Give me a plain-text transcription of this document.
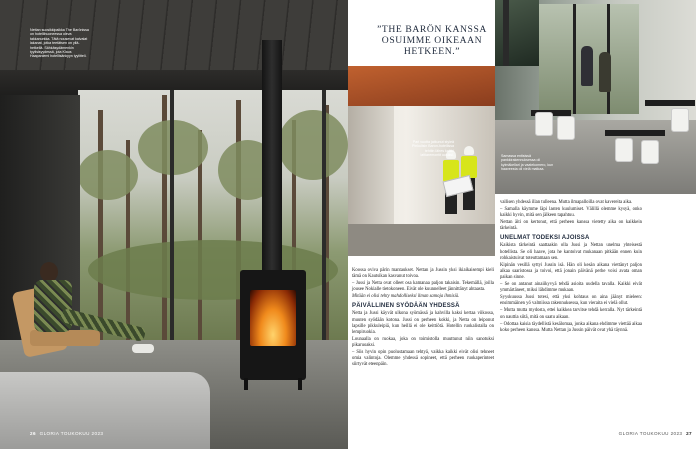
Nettan suosikkipaikka The Barönissa on hotellihuoneessa oleva takkanurkka. Tätä nousevat kalvalat lakanat, jotka teetätsen on yllä-hetkellä. Sähkäsydämenkin tyylisisyydessä, jota Klaus Haapaniemi hotellisänkyyn tyylitteli.
26 GLORIA TOUKOKUU 2023
”THE BARÖN KANSSA OSUIMME OIKEAAN HETKEEN.”
Samassa entisissä pankkirakennuksessa oli kylmäkellari ja vaatekomero, kun haaveesta oli vielä matkaa.
Pari vuotta jatkunut styleä Pinkulisin Baron-hotellissa tehtiin lähes kaikki lattiaremontit uusiksi.

Koossa oviva pärin mantaukset. Nettan ja Jussin yksi ikiaikaisempi kieli tämä on Kautsikan kasvanut toivoa.

– Jussi ja Netta ovat olleet osa kamanaa paljon takaisin. Tekemällä, joilla jousee Nokialle tietokoneen. Eivät ole kuunnelleet jännittänyt ahtaasta.

Mitään ei olisi tehty mahdolliseksi ilman samoja ihmisiä.

PÄIVÄLLINEN SYÖDÄÄN YHDESSÄ

Netta ja Jussi käyvät ulkona syömässä ja kahvilla kaksi kertaa viikossa, muuten syödään kotona. Jussi on perheen kokki, ja Netta on leiponut lapsille pikkuleipiä, kun heillä ei ole keittiötä. Hotellin ruokalistalla on lempiruokia.

Lounaalla on ruokaa, joka on toimistolla muuttunut niin sanotuksi pikaruoaksi.

– Siis hyvin opin puolustamaan tehtyä, vaikka kaikki eivät olisi tehneet omia valintoja. Olemme yhdessä sopineet, että perheen ruokaperinteet siirtyvät eteenpäin.

vallisen yhdessä illan tulleena. Mutta ilmapalloilla ovat kavereita aika.

– Samalla käymme läpi lasten kuulumiset. Välillä olemme kysyä, onko kaikki hyvin, mitä sen jälkeen tapahtuu.

Nettan äiti on kertonut, että perheen kanssa vietetty aika on kaikkein tärkeintä.

UNELMAT TODEKSI AJOISSA

Kaikista tärkeintä saattaakin olla Jussi ja Nettan unelma yhteisestä hotellista. Se oli haave, jota he kantoivat mukanaan pitkään ennen kuin rohkaistuivat toteuttamaan sen.

Kipinän vesillä syttyi Jussin isä. Hän oli kesän aikana viettänyt paljon aikaa saaristossa ja toivoi, että jonain päivänä perhe voisi avata oman paikan sinne.

– Se on antanut ainaiikyvyä tehdä asioita uudella tavalla. Kaikki eivät ymmärtäneet, miksi lähdimme mukaan.

Syyskuussa Jussi totesi, että yksi kohtaus on aina jäänyt mieleen: ensimmäinen yö valmiissa rakennuksessa, kun vieraita ei vielä ollut.

– Mutta mutta mydosta, ettei kaikkea tarvitse tehdä kerralla. Nyt tärkeintä on nauttia siitä, mitä on saatu aikaan.

– Odottaa kaisia täydellistä kesälomaa, jonka aikana ehdimme viettää aikaa koko perheen kanssa. Mutta Nettan ja Jussin päivät ovat yhä täynnä.

GLORIA TOUKOKUU 2023 27
